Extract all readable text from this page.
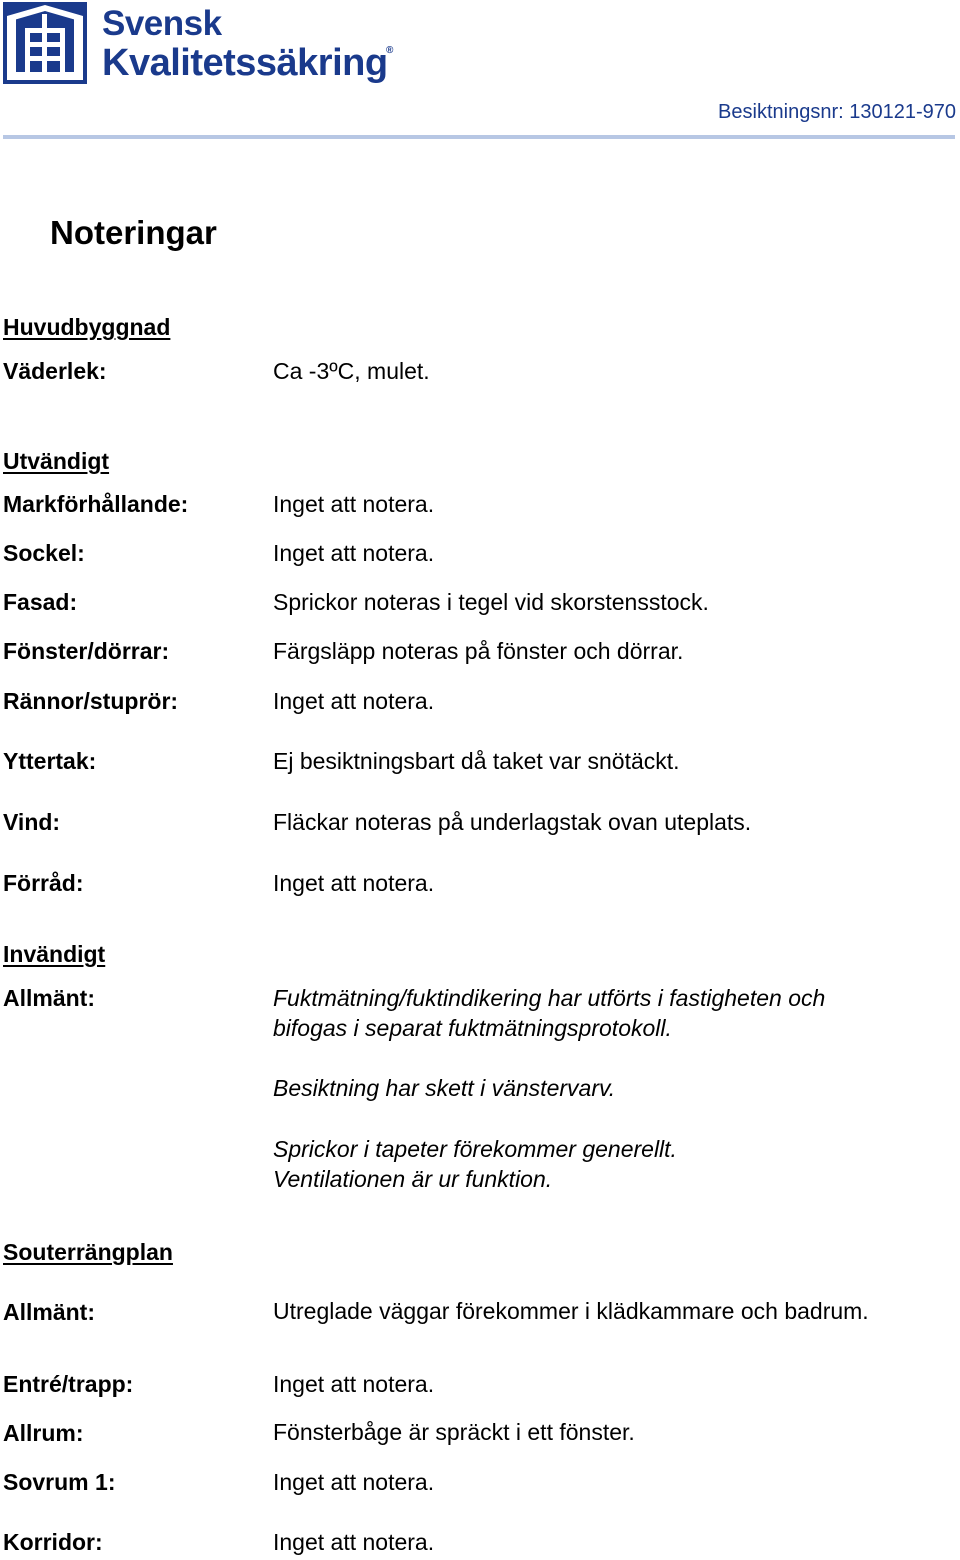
Svensk
Kvalitetssäkring
®
Besiktningsnr: 130121-970
Noteringar
Huvudbyggnad
Väderlek:	Ca -3ºC, mulet.
Utvändigt
Markförhållande:	Inget att notera.
Sockel:	Inget att notera.
Fasad:	Sprickor noteras i tegel vid skorstensstock.
Fönster/dörrar:	Färgsläpp noteras på fönster och dörrar.
Rännor/stuprör:	Inget att notera.
Yttertak:	Ej besiktningsbart då taket var snötäckt.
Vind:	Fläckar noteras på underlagstak ovan uteplats.
Förråd:	Inget att notera.
Invändigt
Allmänt:	Fuktmätning/fuktindikering har utförts i fastigheten och
bifogas i separat fuktmätningsprotokoll.
Besiktning har skett i vänstervarv.
Sprickor i tapeter förekommer generellt.
Ventilationen är ur funktion.
Souterrängplan
Allmänt:	Utreglade väggar förekommer i klädkammare och badrum.
Entré/trapp:	Inget att notera.
Allrum:	Fönsterbåge är spräckt i ett fönster.
Sovrum 1:	Inget att notera.
Korridor:	Inget att notera.
